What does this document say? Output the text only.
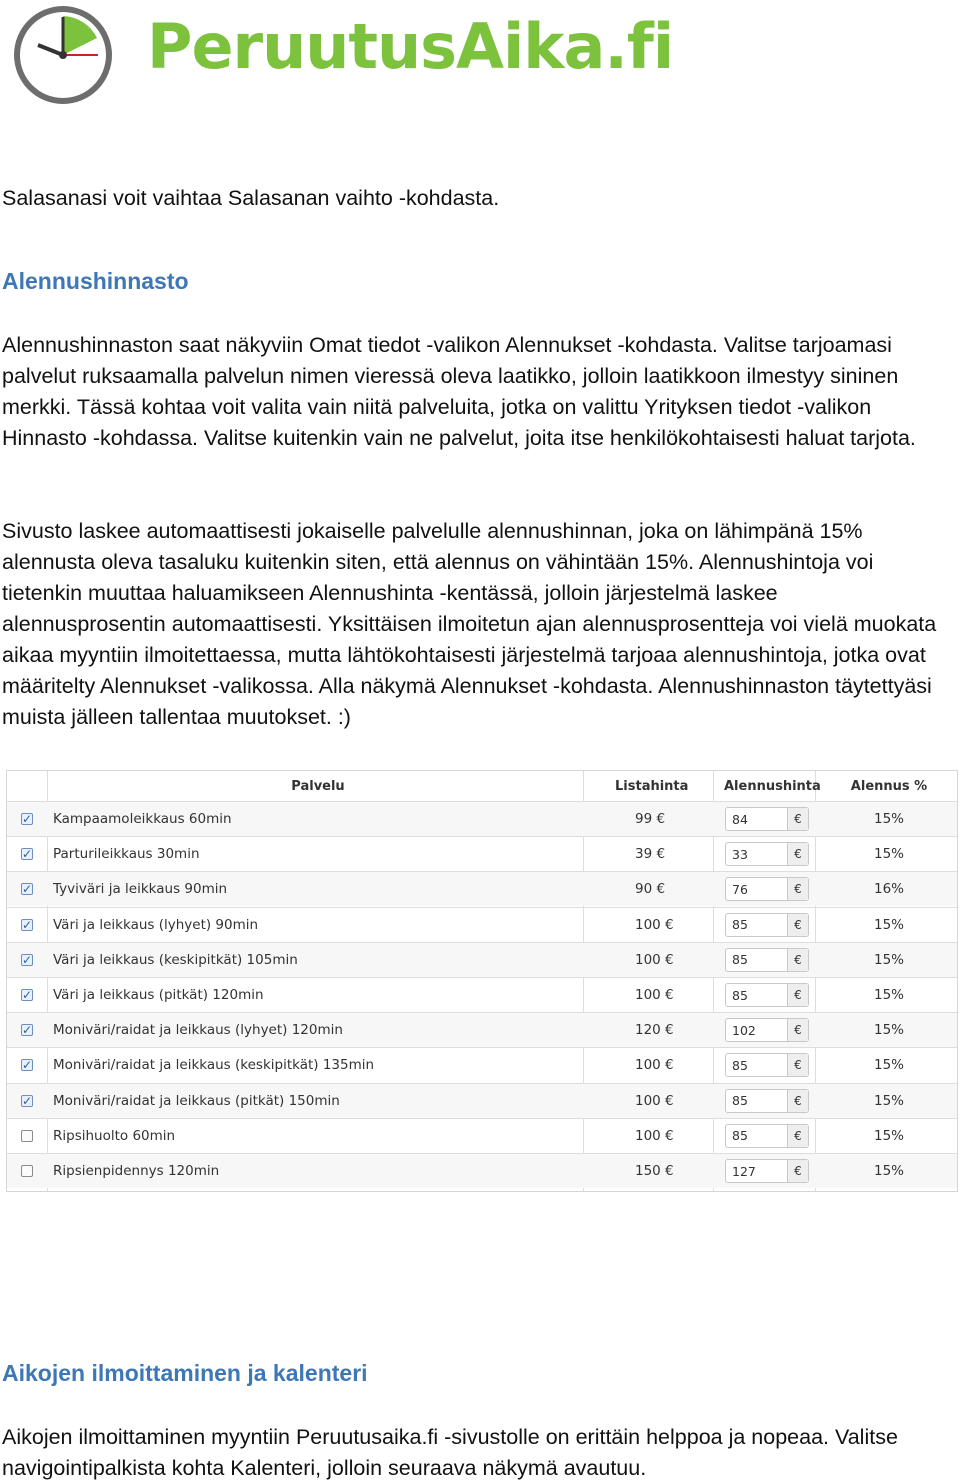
PeruutusAika.fi

Salasanasi voit vaihtaa Salasanan vaihto -kohdasta.

Alennushinnasto

Alennushinnaston saat näkyviin Omat tiedot -valikon Alennukset -kohdasta. Valitse tarjoamasi palvelut ruksaamalla palvelun nimen vieressä oleva laatikko, jolloin laatikkoon ilmestyy sininen merkki. Tässä kohtaa voit valita vain niitä palveluita, jotka on valittu Yrityksen tiedot -valikon Hinnasto -kohdassa. Valitse kuitenkin vain ne palvelut, joita itse henkilökohtaisesti haluat tarjota.

Sivusto laskee automaattisesti jokaiselle palvelulle alennushinnan, joka on lähimpänä 15% alennusta oleva tasaluku kuitenkin siten, että alennus on vähintään 15%. Alennushintoja voi tietenkin muuttaa haluamikseen Alennushinta -kentässä, jolloin järjestelmä laskee alennusprosentin automaattisesti. Yksittäisen ilmoitetun ajan alennusprosentteja voi vielä muokata aikaa myyntiin ilmoitettaessa, mutta lähtökohtaisesti järjestelmä tarjoaa alennushintoja, jotka ovat määritelty Alennukset -valikossa. Alla näkymä Alennukset -kohdasta. Alennushinnaston täytettyäsi muista jälleen tallentaa muutokset. :)

Palvelu	Listahinta	Alennushinta	Alennus %
✓ Kampaamoleikkaus 60min	99 €	84	€	15%
✓ Parturileikkaus 30min	39 €	33	€	15%
✓ Tyviväri ja leikkaus 90min	90 €	76	€	16%
✓ Väri ja leikkaus (lyhyet) 90min	100 €	85	€	15%
✓ Väri ja leikkaus (keskipitkät) 105min	100 €	85	€	15%
✓ Väri ja leikkaus (pitkät) 120min	100 €	85	€	15%
✓ Moniväri/raidat ja leikkaus (lyhyet) 120min	120 €	102	€	15%
✓ Moniväri/raidat ja leikkaus (keskipitkät) 135min	100 €	85	€	15%
✓ Moniväri/raidat ja leikkaus (pitkät) 150min	100 €	85	€	15%
Ripsihuolto 60min	100 €	85	€	15%
Ripsienpidennys 120min	150 €	127	€	15%
Aikojen ilmoittaminen ja kalenteri

Aikojen ilmoittaminen myyntiin Peruutusaika.fi -sivustolle on erittäin helppoa ja nopeaa. Valitse navigointipalkista kohta Kalenteri, jolloin seuraava näkymä avautuu.
